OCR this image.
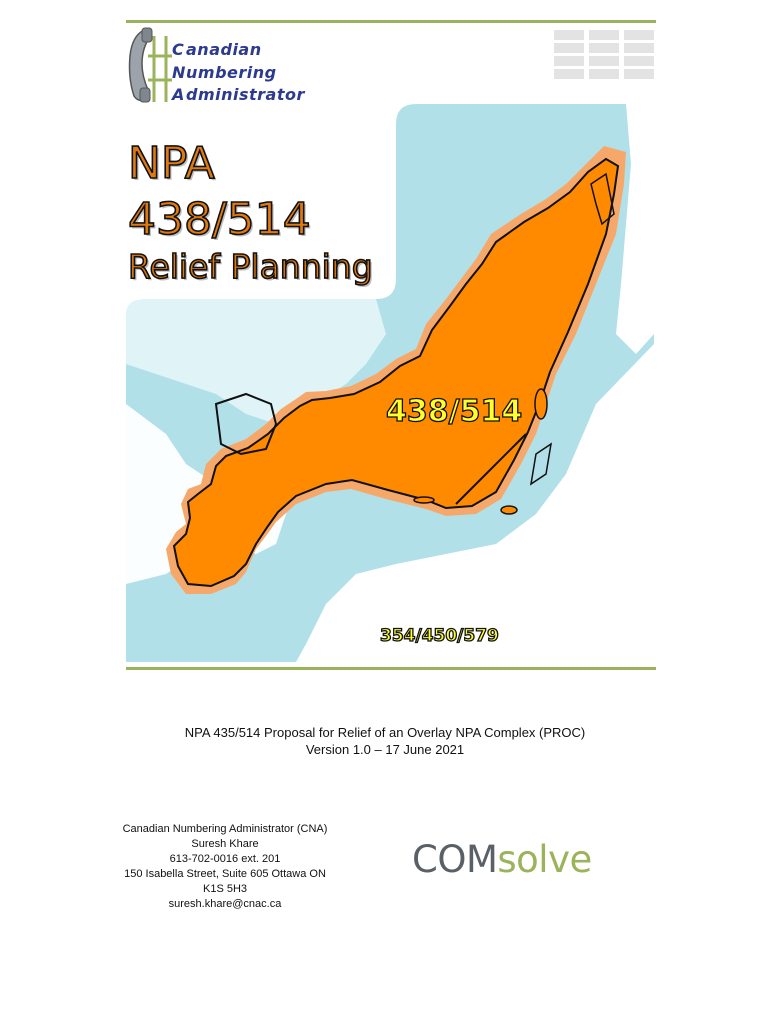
C anadian
Numbering
Administrator
NPA
438/514
Relief Planning
438/514
354/450/579
NPA 435/514 Proposal for Relief of an Overlay NPA Complex (PROC)
Version 1.0 – 17 June 2021
Canadian Numbering Administrator (CNA)
Suresh Khare
613-702-0016 ext. 201
150 Isabella Street, Suite 605 Ottawa ON
K1S 5H3
suresh.khare@cnac.ca
COMsolve
